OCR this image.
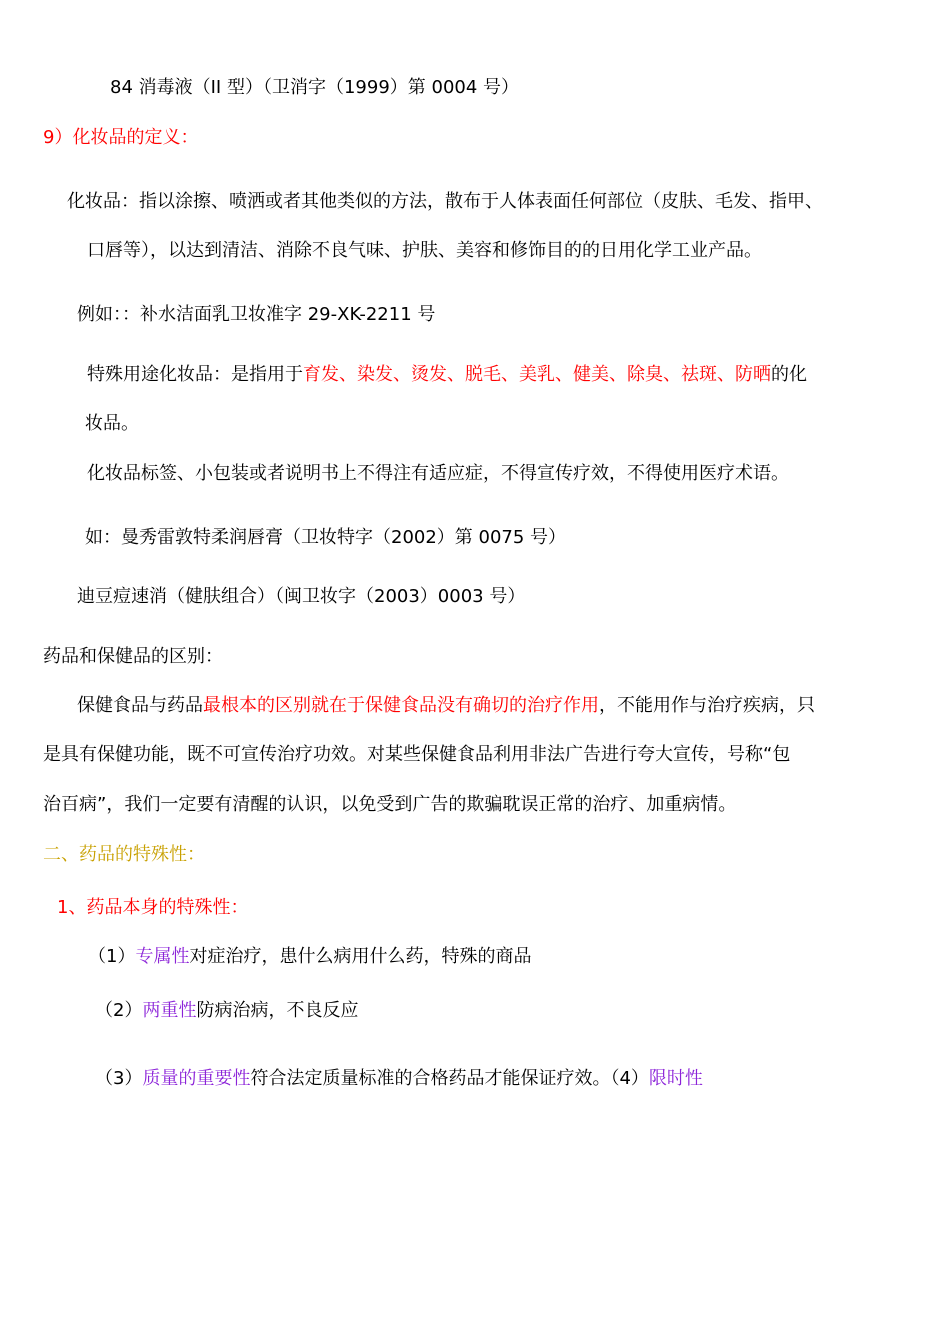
84 消毒液（II 型）（卫消字（1999）第 0004 号）
9）化妆品的定义：
化妆品：指以涂擦、喷洒或者其他类似的方法，散布于人体表面任何部位（皮肤、毛发、指甲、
口唇等），以达到清洁、消除不良气味、护肤、美容和修饰目的的日用化学工业产品。
例如：：补水洁面乳卫妆准字 29-XK-2211 号
特殊用途化妆品：是指用于育发、染发、烫发、脱毛、美乳、健美、除臭、祛斑、防晒的化
妆品。
化妆品标签、小包装或者说明书上不得注有适应症，不得宣传疗效，不得使用医疗术语。
如：曼秀雷敦特柔润唇膏（卫妆特字（2002）第 0075 号）
迪豆痘速消（健肤组合）（闽卫妆字（2003）0003 号）
药品和保健品的区别：
保健食品与药品最根本的区别就在于保健食品没有确切的治疗作用，不能用作与治疗疾病，只
是具有保健功能，既不可宣传治疗功效。对某些保健食品利用非法广告进行夸大宣传，号称“包
治百病”，我们一定要有清醒的认识，以免受到广告的欺骗耽误正常的治疗、加重病情。
二、药品的特殊性：
1、药品本身的特殊性：
（1）专属性对症治疗，患什么病用什么药，特殊的商品
（2）两重性防病治病，不良反应
（3）质量的重要性符合法定质量标准的合格药品才能保证疗效。（4）限时性
